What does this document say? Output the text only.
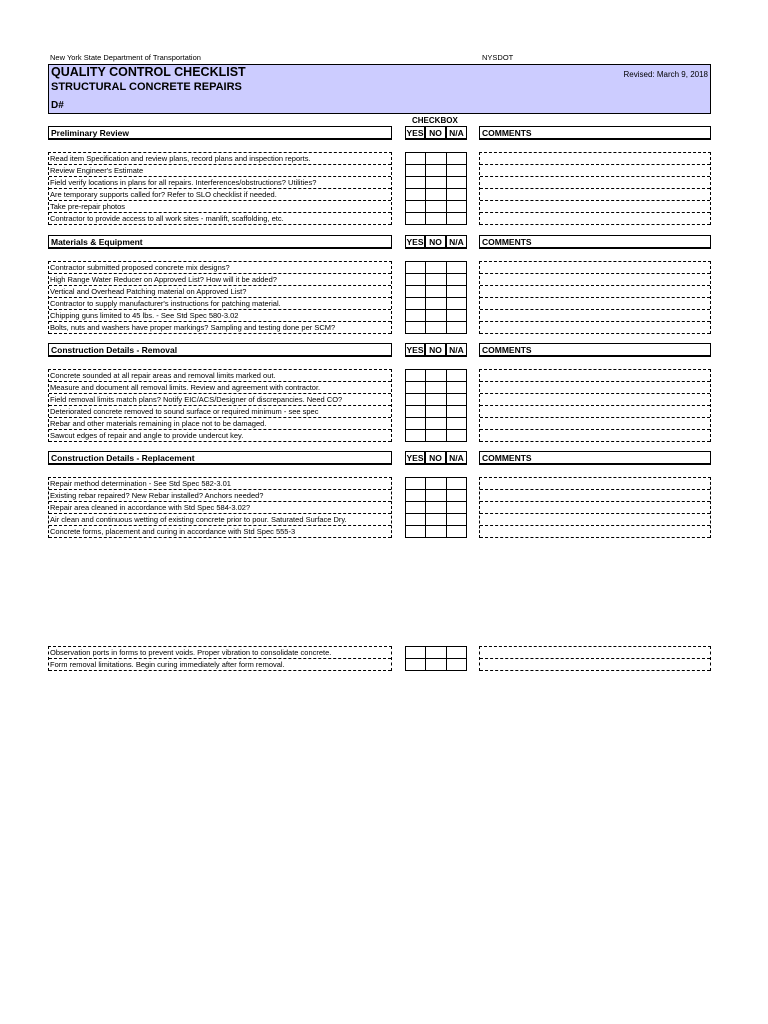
New York State Department of Transportation	NYSDOT
QUALITY CONTROL CHECKLIST
STRUCTURAL CONCRETE REPAIRS
D#
Revised: March 9, 2018
CHECKBOX
Preliminary Review	YES NO N/A	COMMENTS
Read item Specification and review plans, record plans and inspection reports.
Review Engineer's Estimate
Field verify locations in plans for all repairs. Interferences/obstructions? Utilities?
Are temporary supports called for? Refer to SLO checklist if needed.
Take pre-repair photos
Contractor to provide access to all work sites - manlift, scaffolding, etc.
Materials & Equipment	YES NO N/A	COMMENTS
Contractor submitted proposed concrete mix designs?
High Range Water Reducer on Approved List? How will it be added?
Vertical and Overhead Patching material on Approved List?
Contractor to supply manufacturer's instructions for patching material.
Chipping guns limited to 45 lbs. - See Std Spec 580-3.02
Bolts, nuts and washers have proper markings? Sampling and testing done per SCM?
Construction Details - Removal	YES NO N/A	COMMENTS
Concrete sounded at all repair areas and removal limits marked out.
Measure and document all removal limits. Review and agreement with contractor.
Field removal limits match plans? Notify EIC/ACS/Designer of discrepancies. Need CO?
Deteriorated concrete removed to sound surface or required minimum - see spec
Rebar and other materials remaining in place not to be damaged.
Sawcut edges of repair and angle to provide undercut key.
Construction Details - Replacement	YES NO N/A	COMMENTS
Repair method determination - See Std Spec 582-3.01
Existing rebar repaired? New Rebar installed? Anchors needed?
Repair area cleaned in accordance with Std Spec 584-3.02?
Air clean and continuous wetting of existing concrete prior to pour. Saturated Surface Dry.
Concrete forms, placement and curing in accordance with Std Spec 555-3
Observation ports in forms to prevent voids. Proper vibration to consolidate concrete.
Form removal limitations. Begin curing immediately after form removal.
